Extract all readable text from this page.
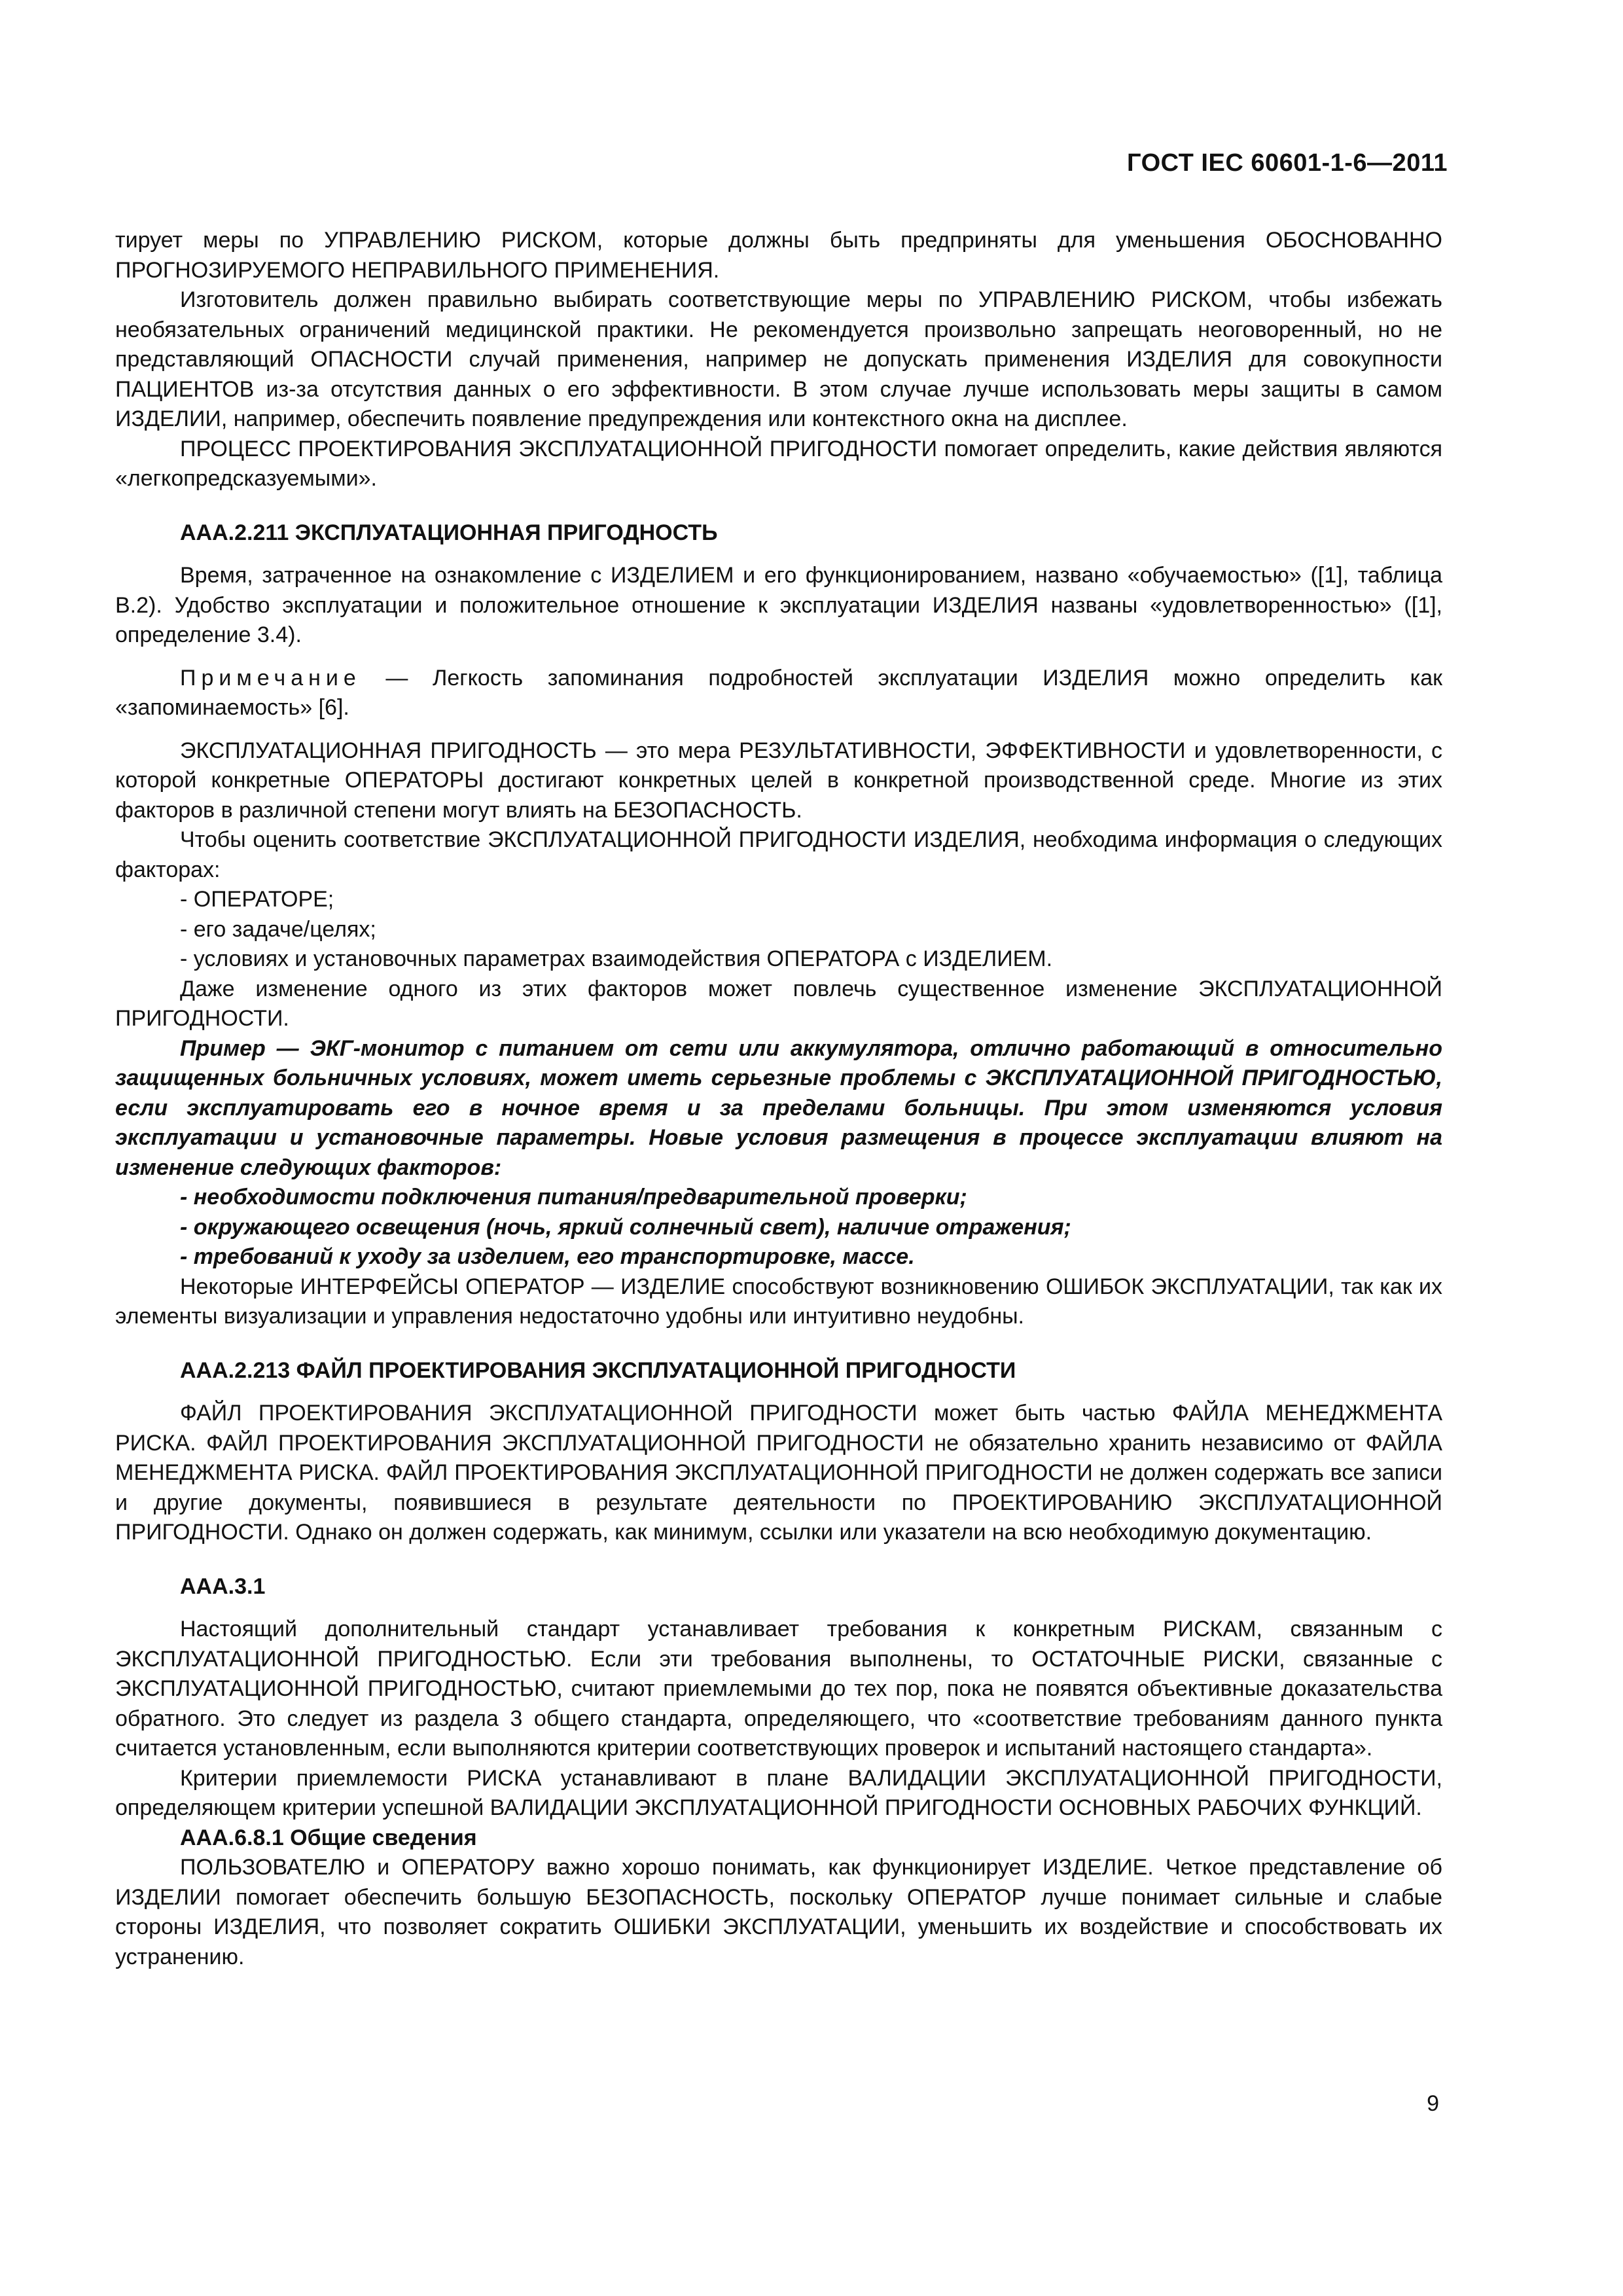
ГОСТ IEC 60601-1-6—2011

тирует меры по УПРАВЛЕНИЮ РИСКОМ, которые должны быть предприняты для уменьшения ОБОСНОВАННО ПРОГНОЗИРУЕМОГО НЕПРАВИЛЬНОГО ПРИМЕНЕНИЯ.

Изготовитель должен правильно выбирать соответствующие меры по УПРАВЛЕНИЮ РИСКОМ, чтобы избежать необязательных ограничений медицинской практики. Не рекомендуется произвольно запрещать неоговоренный, но не представляющий ОПАСНОСТИ случай применения, например не допускать применения ИЗДЕЛИЯ для совокупности ПАЦИЕНТОВ из-за отсутствия данных о его эффективности. В этом случае лучше использовать меры защиты в самом ИЗДЕЛИИ, например, обеспечить появление предупреждения или контекстного окна на дисплее.

ПРОЦЕСС ПРОЕКТИРОВАНИЯ ЭКСПЛУАТАЦИОННОЙ ПРИГОДНОСТИ помогает определить, какие действия являются «легкопредсказуемыми».

ААА.2.211 ЭКСПЛУАТАЦИОННАЯ ПРИГОДНОСТЬ

Время, затраченное на ознакомление с ИЗДЕЛИЕМ и его функционированием, названо «обучаемостью» ([1], таблица В.2). Удобство эксплуатации и положительное отношение к эксплуатации ИЗДЕЛИЯ названы «удовлетворенностью» ([1], определение 3.4).

Примечание — Легкость запоминания подробностей эксплуатации ИЗДЕЛИЯ можно определить как «запоминаемость» [6].

ЭКСПЛУАТАЦИОННАЯ ПРИГОДНОСТЬ — это мера РЕЗУЛЬТАТИВНОСТИ, ЭФФЕКТИВНОСТИ и удовлетворенности, с которой конкретные ОПЕРАТОРЫ достигают конкретных целей в конкретной производственной среде. Многие из этих факторов в различной степени могут влиять на БЕЗОПАСНОСТЬ.

Чтобы оценить соответствие ЭКСПЛУАТАЦИОННОЙ ПРИГОДНОСТИ ИЗДЕЛИЯ, необходима информация о следующих факторах:

- ОПЕРАТОРЕ;

- его задаче/целях;

- условиях и установочных параметрах взаимодействия ОПЕРАТОРА с ИЗДЕЛИЕМ.

Даже изменение одного из этих факторов может повлечь существенное изменение ЭКСПЛУАТАЦИОННОЙ ПРИГОДНОСТИ.

Пример — ЭКГ-монитор с питанием от сети или аккумулятора, отлично работающий в относительно защищенных больничных условиях, может иметь серьезные проблемы с ЭКСПЛУАТАЦИОННОЙ ПРИГОДНОСТЬЮ, если эксплуатировать его в ночное время и за пределами больницы. При этом изменяются условия эксплуатации и установочные параметры. Новые условия размещения в процессе эксплуатации влияют на изменение следующих факторов:

- необходимости подключения питания/предварительной проверки;

- окружающего освещения (ночь, яркий солнечный свет), наличие отражения;

- требований к уходу за изделием, его транспортировке, массе.

Некоторые ИНТЕРФЕЙСЫ ОПЕРАТОР — ИЗДЕЛИЕ способствуют возникновению ОШИБОК ЭКСПЛУАТАЦИИ, так как их элементы визуализации и управления недостаточно удобны или интуитивно неудобны.

ААА.2.213 ФАЙЛ ПРОЕКТИРОВАНИЯ ЭКСПЛУАТАЦИОННОЙ ПРИГОДНОСТИ

ФАЙЛ ПРОЕКТИРОВАНИЯ ЭКСПЛУАТАЦИОННОЙ ПРИГОДНОСТИ может быть частью ФАЙЛА МЕНЕДЖМЕНТА РИСКА. ФАЙЛ ПРОЕКТИРОВАНИЯ ЭКСПЛУАТАЦИОННОЙ ПРИГОДНОСТИ не обязательно хранить независимо от ФАЙЛА МЕНЕДЖМЕНТА РИСКА. ФАЙЛ ПРОЕКТИРОВАНИЯ ЭКСПЛУАТАЦИОННОЙ ПРИГОДНОСТИ не должен содержать все записи и другие документы, появившиеся в результате деятельности по ПРОЕКТИРОВАНИЮ ЭКСПЛУАТАЦИОННОЙ ПРИГОДНОСТИ. Однако он должен содержать, как минимум, ссылки или указатели на всю необходимую документацию.

ААА.3.1

Настоящий дополнительный стандарт устанавливает требования к конкретным РИСКАМ, связанным с ЭКСПЛУАТАЦИОННОЙ ПРИГОДНОСТЬЮ. Если эти требования выполнены, то ОСТАТОЧНЫЕ РИСКИ, связанные с ЭКСПЛУАТАЦИОННОЙ ПРИГОДНОСТЬЮ, считают приемлемыми до тех пор, пока не появятся объективные доказательства обратного. Это следует из раздела 3 общего стандарта, определяющего, что «соответствие требованиям данного пункта считается установленным, если выполняются критерии соответствующих проверок и испытаний настоящего стандарта».

Критерии приемлемости РИСКА устанавливают в плане ВАЛИДАЦИИ ЭКСПЛУАТАЦИОННОЙ ПРИГОДНОСТИ, определяющем критерии успешной ВАЛИДАЦИИ ЭКСПЛУАТАЦИОННОЙ ПРИГОДНОСТИ ОСНОВНЫХ РАБОЧИХ ФУНКЦИЙ.

ААА.6.8.1 Общие сведения

ПОЛЬЗОВАТЕЛЮ и ОПЕРАТОРУ важно хорошо понимать, как функционирует ИЗДЕЛИЕ. Четкое представление об ИЗДЕЛИИ помогает обеспечить большую БЕЗОПАСНОСТЬ, поскольку ОПЕРАТОР лучше понимает сильные и слабые стороны ИЗДЕЛИЯ, что позволяет сократить ОШИБКИ ЭКСПЛУАТАЦИИ, уменьшить их воздействие и способствовать их устранению.

9
